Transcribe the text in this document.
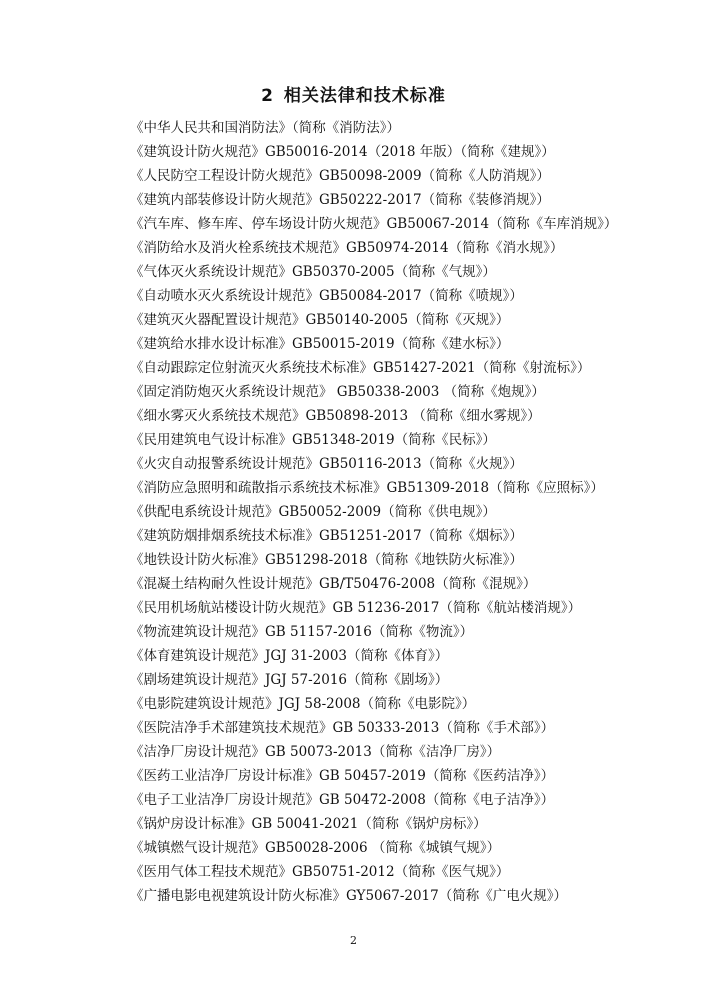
2 相关法律和技术标准
《中华人民共和国消防法》（简称《消防法》）
《建筑设计防火规范》GB50016-2014（2018 年版）（简称《建规》）
《人民防空工程设计防火规范》GB50098-2009（简称《人防消规》）
《建筑内部装修设计防火规范》GB50222-2017（简称《装修消规》）
《汽车库、修车库、停车场设计防火规范》GB50067-2014（简称《车库消规》）
《消防给水及消火栓系统技术规范》GB50974-2014（简称《消水规》）
《气体灭火系统设计规范》GB50370-2005（简称《气规》）
《自动喷水灭火系统设计规范》GB50084-2017（简称《喷规》）
《建筑灭火器配置设计规范》GB50140-2005（简称《灭规》）
《建筑给水排水设计标准》GB50015-2019（简称《建水标》）
《自动跟踪定位射流灭火系统技术标准》GB51427-2021（简称《射流标》）
《固定消防炮灭火系统设计规范》 GB50338-2003 （简称《炮规》）
《细水雾灭火系统技术规范》GB50898-2013 （简称《细水雾规》）
《民用建筑电气设计标准》GB51348-2019（简称《民标》）
《火灾自动报警系统设计规范》GB50116-2013（简称《火规》）
《消防应急照明和疏散指示系统技术标准》GB51309-2018（简称《应照标》）
《供配电系统设计规范》GB50052-2009（简称《供电规》）
《建筑防烟排烟系统技术标准》GB51251-2017（简称《烟标》）
《地铁设计防火标准》GB51298-2018（简称《地铁防火标准》）
《混凝土结构耐久性设计规范》GB/T50476-2008（简称《混规》）
《民用机场航站楼设计防火规范》GB 51236-2017（简称《航站楼消规》）
《物流建筑设计规范》GB 51157-2016（简称《物流》）
《体育建筑设计规范》JGJ 31-2003（简称《体育》）
《剧场建筑设计规范》JGJ 57-2016（简称《剧场》）
《电影院建筑设计规范》JGJ 58-2008（简称《电影院》）
《医院洁净手术部建筑技术规范》GB 50333-2013（简称《手术部》）
《洁净厂房设计规范》GB 50073-2013（简称《洁净厂房》）
《医药工业洁净厂房设计标准》GB 50457-2019（简称《医药洁净》）
《电子工业洁净厂房设计规范》GB 50472-2008（简称《电子洁净》）
《锅炉房设计标准》GB 50041-2021（简称《锅炉房标》）
《城镇燃气设计规范》GB50028-2006 （简称《城镇气规》）
《医用气体工程技术规范》GB50751-2012（简称《医气规》）
《广播电影电视建筑设计防火标准》GY5067-2017（简称《广电火规》）
2
